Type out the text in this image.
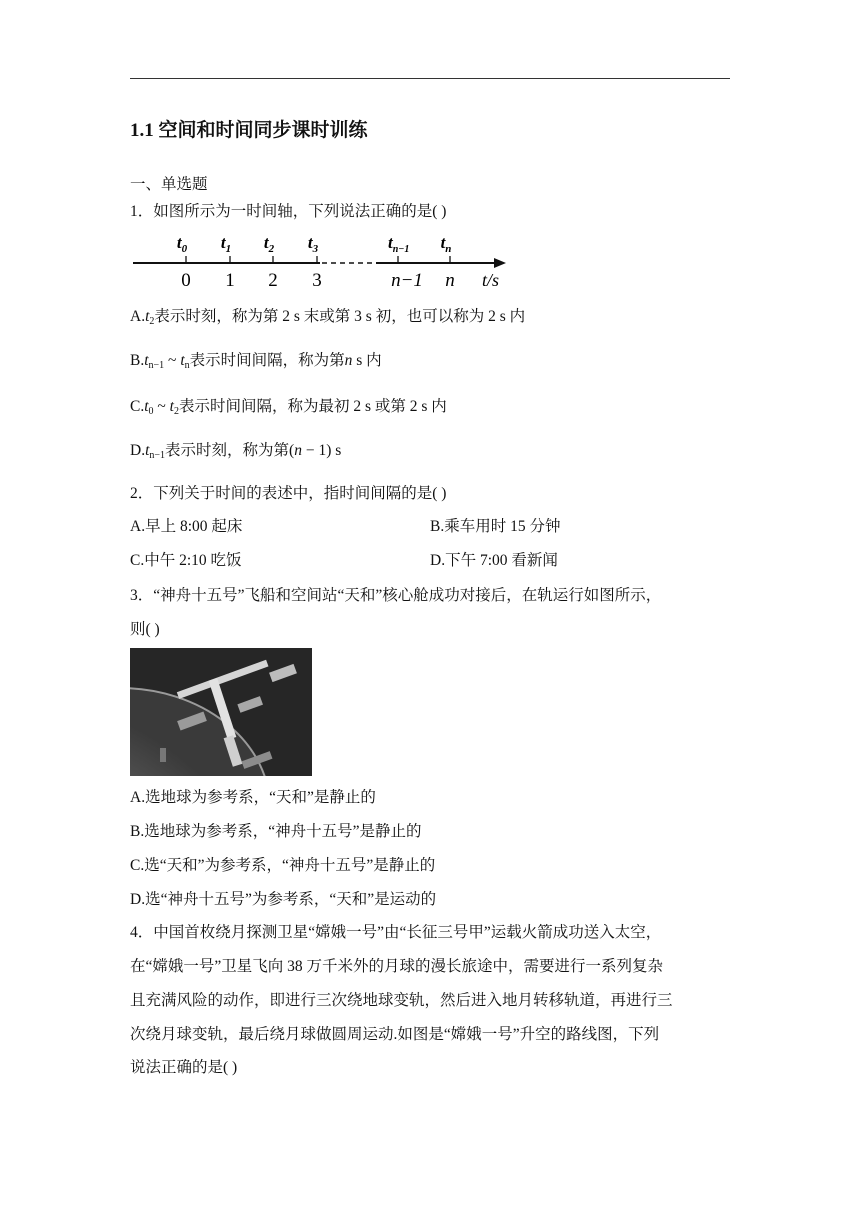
1.1 空间和时间同步课时训练
一、单选题
1．如图所示为一时间轴，下列说法正确的是( )
$t_0$ $t_1$ $t_2$ $t_3$	$t_{n-1}$ $t_n$
0 1 2 3	n−1 n t/s
$A.t_2$表示时刻，称为第 2 s 末或第 3 s 初，也可以称为 2 s 内
$B.t_{n-1}$ ~ $t_n$表示时间间隔，称为第n s 内
$C.t_0$ ~ $t_2$表示时间间隔，称为最初 2 s 或第 2 s 内
$D.t_{n-1}$表示时刻，称为第(n − 1) s
2．下列关于时间的表述中，指时间间隔的是( )
A.早上 8:00 起床	B.乘车用时 15 分钟
C.中午 2:10 吃饭	D.下午 7:00 看新闻
3．“神舟十五号”飞船和空间站“天和”核心舱成功对接后，在轨运行如图所示，
则( )
A.选地球为参考系，“天和”是静止的
B.选地球为参考系，“神舟十五号”是静止的
C.选“天和”为参考系，“神舟十五号”是静止的
D.选“神舟十五号”为参考系，“天和”是运动的
4．中国首枚绕月探测卫星“嫦娥一号”由“长征三号甲”运载火箭成功送入太空，
在“嫦娥一号”卫星飞向 38 万千米外的月球的漫长旅途中，需要进行一系列复杂
且充满风险的动作，即进行三次绕地球变轨，然后进入地月转移轨道，再进行三
次绕月球变轨，最后绕月球做圆周运动.如图是“嫦娥一号”升空的路线图，下列
说法正确的是( )
